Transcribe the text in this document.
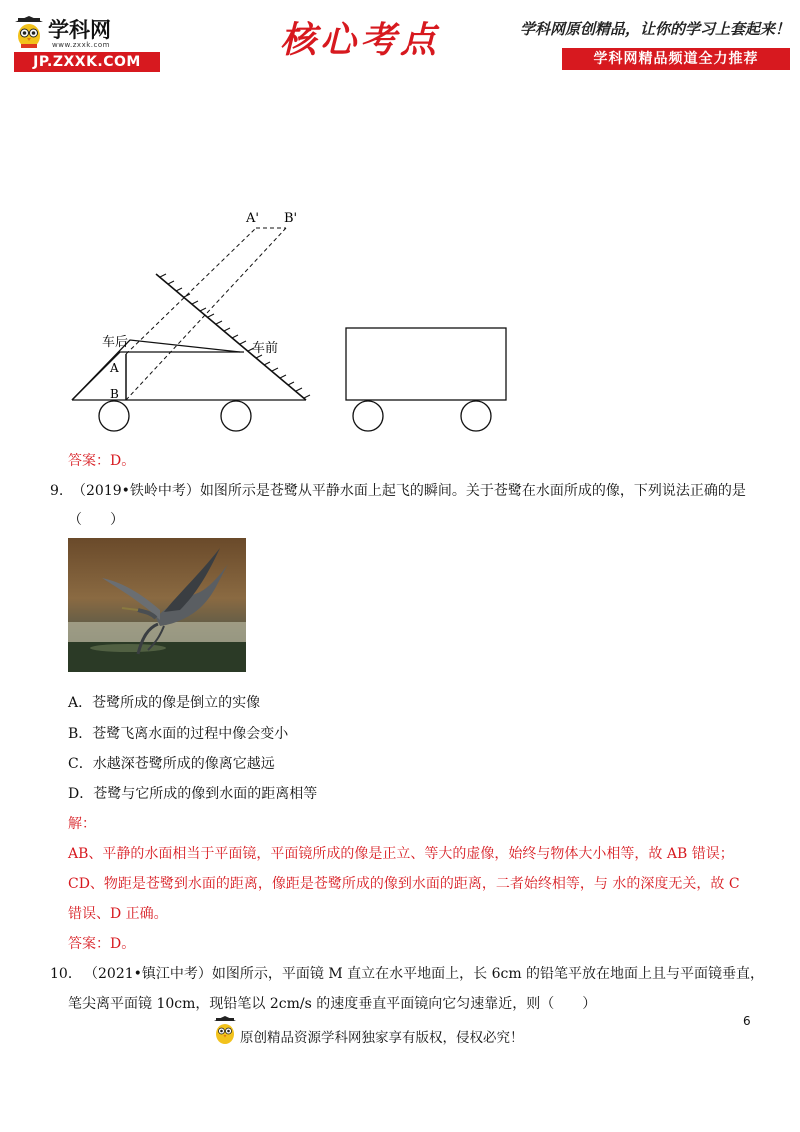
学科网
www.zxxk.com
JP.ZXXK.COM
核心考点	学科网原创精品，让你的学习上套起来！
学科网精品频道全力推荐
A' B'
车后	车前
A
B
答案：D。
9. （2019•铁岭中考）如图所示是苍鹭从平静水面上起飞的瞬间。关于苍鹭在水面所成的像，下列说法正确的是
（　　）
A．苍鹭所成的像是倒立的实像
B．苍鹭飞离水面的过程中像会变小
C．水越深苍鹭所成的像离它越远
D．苍鹭与它所成的像到水面的距离相等
解：
AB、平静的水面相当于平面镜，平面镜所成的像是正立、等大的虚像，始终与物体大小相等，故 AB 错误；
CD、物距是苍鹭到水面的距离，像距是苍鹭所成的像到水面的距离，二者始终相等，与 水的深度无关，故 C
错误、D 正确。
答案：D。
10． （2021•镇江中考）如图所示，平面镜 M 直立在水平地面上，长 6cm 的铅笔平放在地面上且与平面镜垂直，
笔尖离平面镜 10cm，现铅笔以 2cm/s 的速度垂直平面镜向它匀速靠近，则（　　）
原创精品资源学科网独家享有版权，侵权必究！
6
